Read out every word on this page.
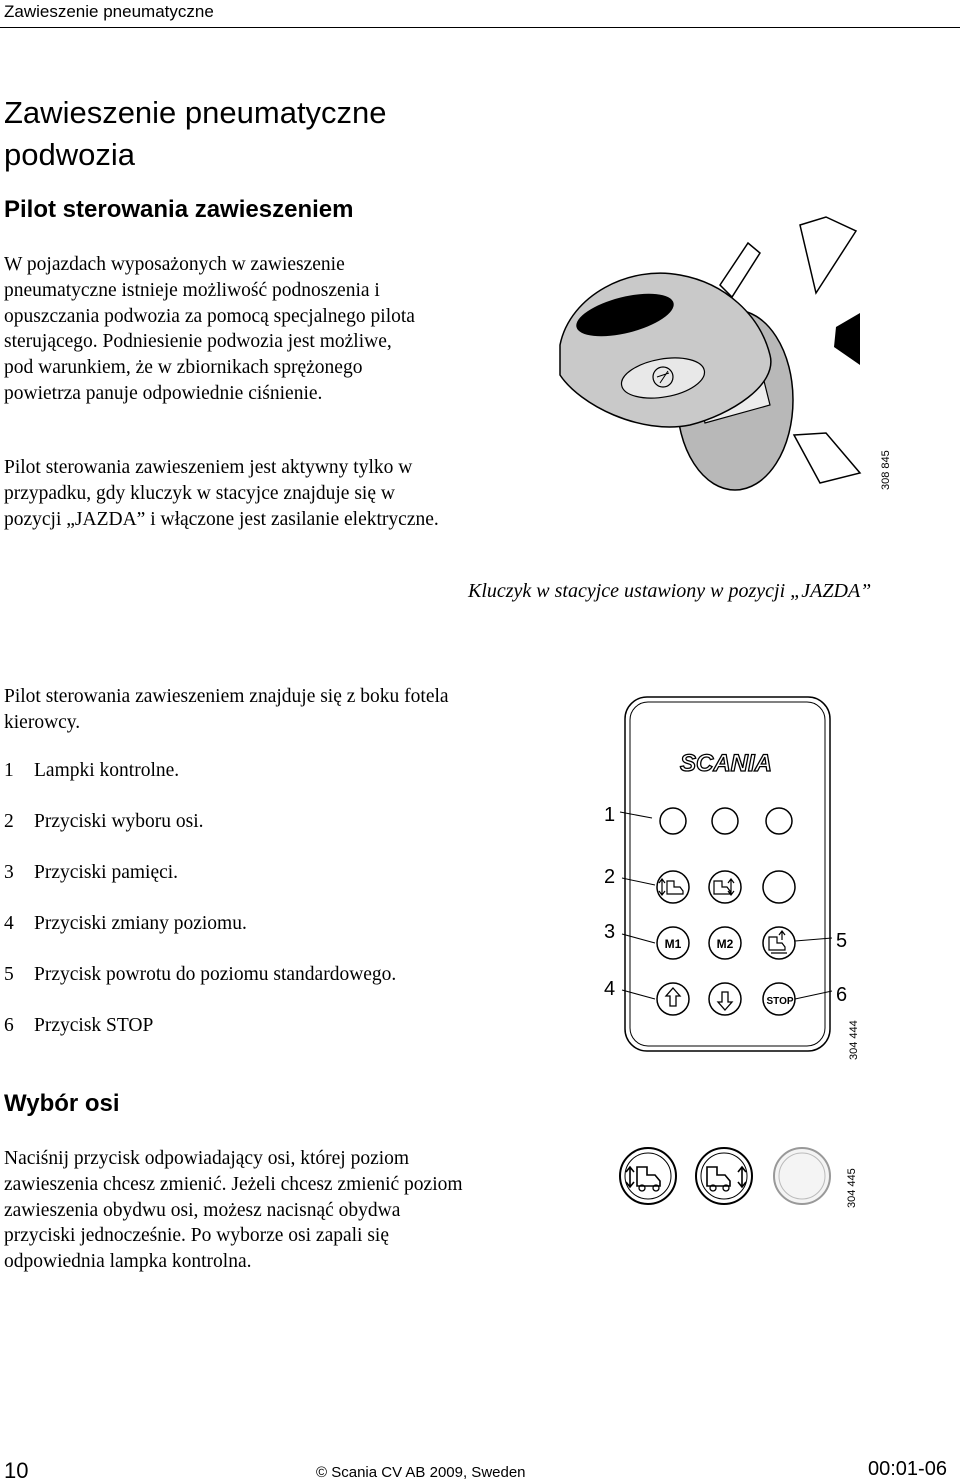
Zawieszenie pneumatyczne
Zawieszenie pneumatyczne podwozia
Pilot sterowania zawieszeniem

W pojazdach wyposażonych w zawieszenie pneumatyczne istnieje możliwość podnoszenia i opuszczania podwozia za pomocą specjalnego pilota sterującego. Podniesienie podwozia jest możliwe, pod warunkiem, że w zbiornikach sprężonego powietrza panuje odpowiednie ciśnienie.

Pilot sterowania zawieszeniem jest aktywny tylko w przypadku, gdy kluczyk w stacyjce znajduje się w pozycji „JAZDA” i włączone jest zasilanie elektryczne.

308 845
Kluczyk w stacyjce ustawiony w pozycji „JAZDA”

Pilot sterowania zawieszeniem znajduje się z boku fotela kierowcy.

1 Lampki kontrolne.
2 Przyciski wyboru osi.
3 Przyciski pamięci.
4 Przyciski zmiany poziomu.
5 Przycisk powrotu do poziomu standardowego.
6 Przycisk STOP
SCANIA
M1	M2
STOP
1
2
3
4
5
6
304 444
Wybór osi

Naciśnij przycisk odpowiadający osi, której poziom zawieszenia chcesz zmienić. Jeżeli chcesz zmienić poziom zawieszenia obydwu osi, możesz nacisnąć obydwa przyciski jednocześnie. Po wyborze osi zapali się odpowiednia lampka kontrolna.

304 445
10	© Scania CV AB 2009, Sweden	00:01-06
